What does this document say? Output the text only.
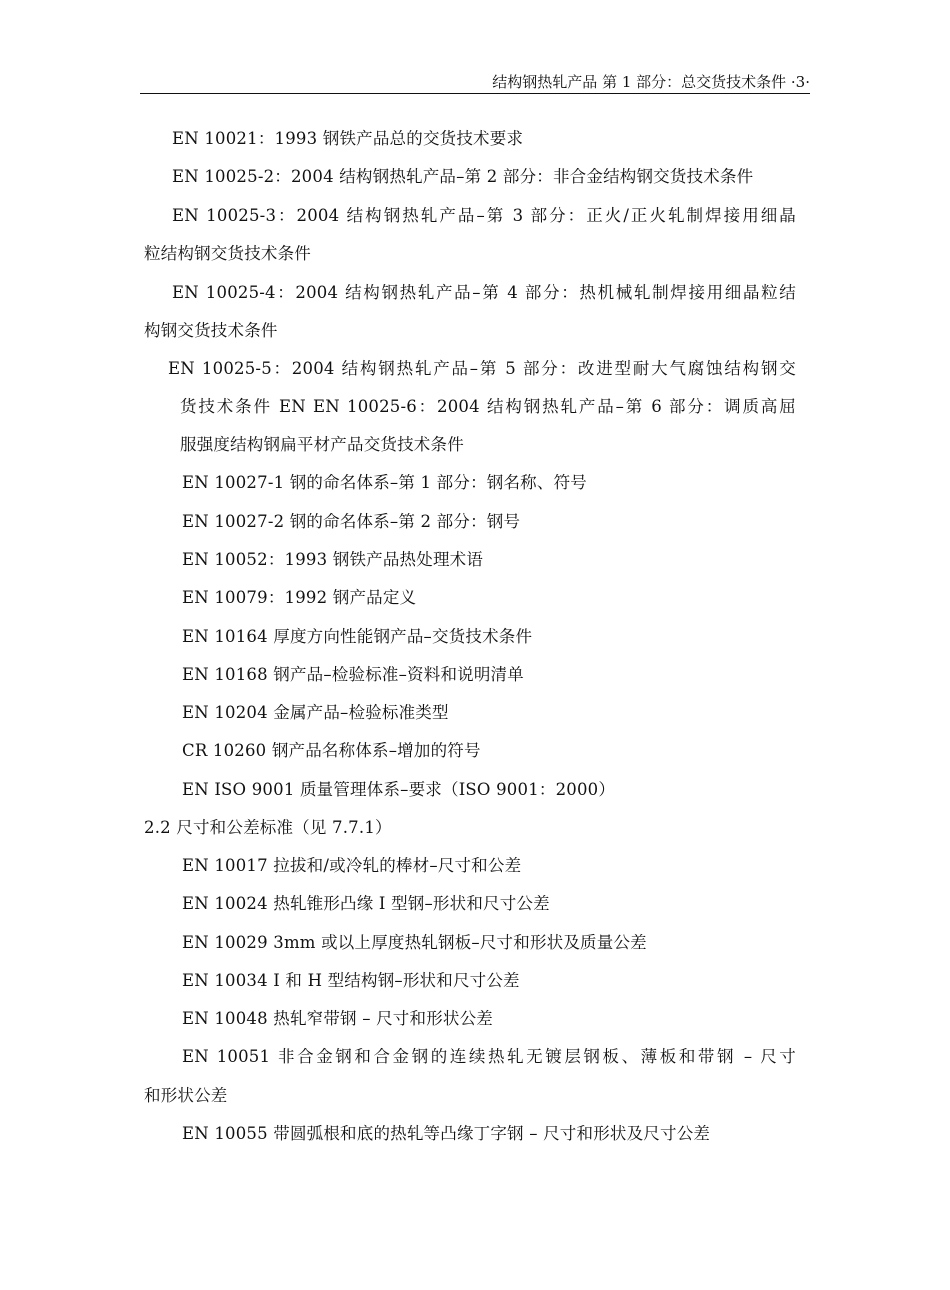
结构钢热轧产品 第 1 部分：总交货技术条件 ·3·
EN 10021：1993 钢铁产品总的交货技术要求
EN 10025-2：2004 结构钢热轧产品–第 2 部分：非合金结构钢交货技术条件
EN 10025-3：2004 结构钢热轧产品–第 3 部分：正火/正火轧制焊接用细晶
粒结构钢交货技术条件
EN 10025-4：2004 结构钢热轧产品–第 4 部分：热机械轧制焊接用细晶粒结
构钢交货技术条件
EN 10025-5：2004 结构钢热轧产品–第 5 部分：改进型耐大气腐蚀结构钢交
货技术条件 EN EN 10025-6：2004 结构钢热轧产品–第 6 部分：调质高屈
服强度结构钢扁平材产品交货技术条件
EN 10027-1 钢的命名体系–第 1 部分：钢名称、符号
EN 10027-2 钢的命名体系–第 2 部分：钢号
EN 10052：1993 钢铁产品热处理术语
EN 10079：1992 钢产品定义
EN 10164 厚度方向性能钢产品–交货技术条件
EN 10168 钢产品–检验标准–资料和说明清单
EN 10204 金属产品–检验标准类型
CR 10260 钢产品名称体系–增加的符号
EN ISO 9001 质量管理体系–要求（ISO 9001：2000）
2.2 尺寸和公差标准（见 7.7.1）
EN 10017 拉拔和/或冷轧的棒材–尺寸和公差
EN 10024 热轧锥形凸缘 I 型钢–形状和尺寸公差
EN 10029 3mm 或以上厚度热轧钢板–尺寸和形状及质量公差
EN 10034 I 和 H 型结构钢–形状和尺寸公差
EN 10048 热轧窄带钢 – 尺寸和形状公差
EN 10051 非合金钢和合金钢的连续热轧无镀层钢板、薄板和带钢 – 尺寸
和形状公差
EN 10055 带圆弧根和底的热轧等凸缘丁字钢 – 尺寸和形状及尺寸公差
